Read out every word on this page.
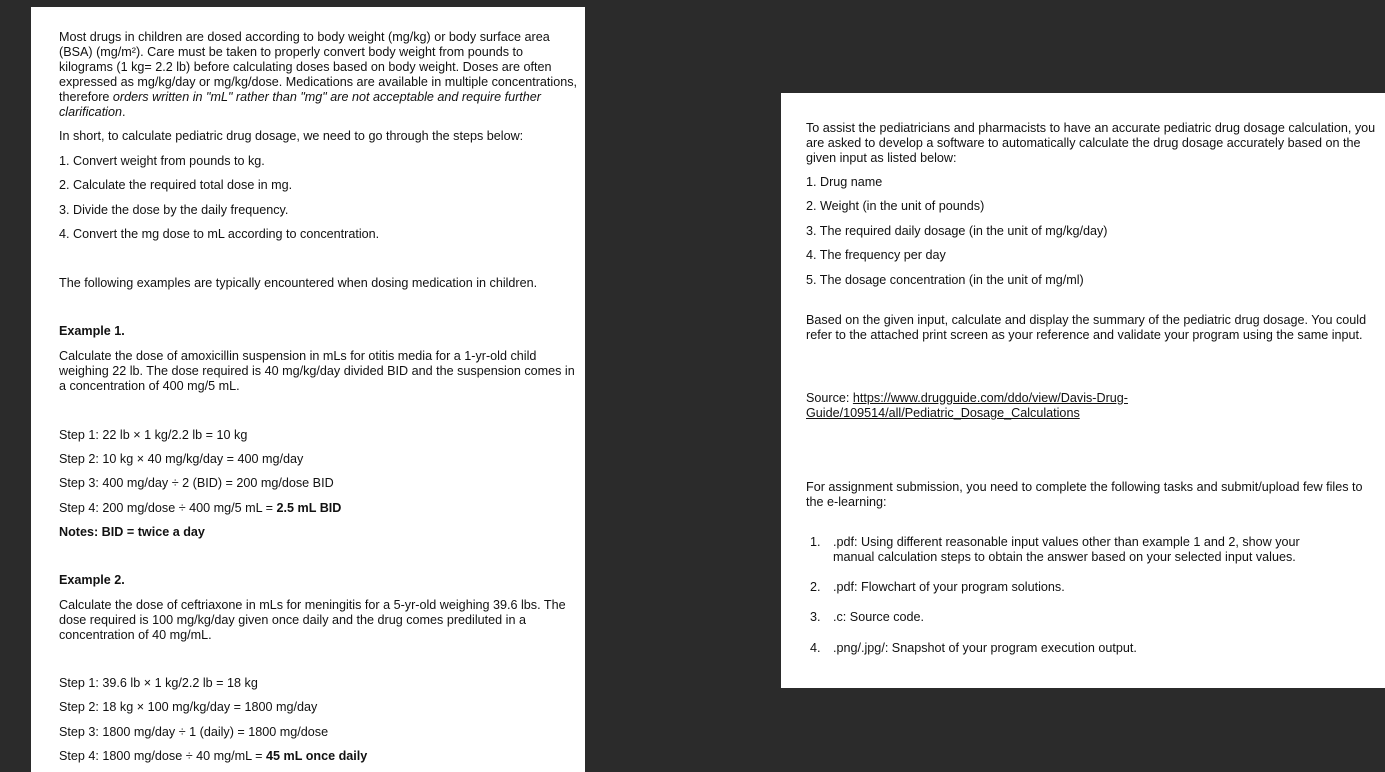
Most drugs in children are dosed according to body weight (mg/kg) or body surface area (BSA) (mg/m²). Care must be taken to properly convert body weight from pounds to kilograms (1 kg= 2.2 lb) before calculating doses based on body weight. Doses are often expressed as mg/kg/day or mg/kg/dose. Medications are available in multiple concentrations, therefore orders written in "mL" rather than "mg" are not acceptable and require further clarification.
In short, to calculate pediatric drug dosage, we need to go through the steps below:
1. Convert weight from pounds to kg.
2. Calculate the required total dose in mg.
3. Divide the dose by the daily frequency.
4. Convert the mg dose to mL according to concentration.
The following examples are typically encountered when dosing medication in children.
Example 1.
Calculate the dose of amoxicillin suspension in mLs for otitis media for a 1-yr-old child weighing 22 lb. The dose required is 40 mg/kg/day divided BID and the suspension comes in a concentration of 400 mg/5 mL.
Step 1: 22 lb × 1 kg/2.2 lb = 10 kg
Step 2: 10 kg × 40 mg/kg/day = 400 mg/day
Step 3: 400 mg/day ÷ 2 (BID) = 200 mg/dose BID
Step 4: 200 mg/dose ÷ 400 mg/5 mL = 2.5 mL BID
Notes: BID = twice a day
Example 2.
Calculate the dose of ceftriaxone in mLs for meningitis for a 5-yr-old weighing 39.6 lbs. The dose required is 100 mg/kg/day given once daily and the drug comes prediluted in a concentration of 40 mg/mL.
Step 1: 39.6 lb × 1 kg/2.2 lb = 18 kg
Step 2: 18 kg × 100 mg/kg/day = 1800 mg/day
Step 3: 1800 mg/day ÷ 1 (daily) = 1800 mg/dose
Step 4: 1800 mg/dose ÷ 40 mg/mL = 45 mL once daily
To assist the pediatricians and pharmacists to have an accurate pediatric drug dosage calculation, you are asked to develop a software to automatically calculate the drug dosage accurately based on the given input as listed below:
1. Drug name
2. Weight (in the unit of pounds)
3. The required daily dosage (in the unit of mg/kg/day)
4. The frequency per day
5. The dosage concentration (in the unit of mg/ml)
Based on the given input, calculate and display the summary of the pediatric drug dosage. You could refer to the attached print screen as your reference and validate your program using the same input.
Source: https://www.drugguide.com/ddo/view/Davis-Drug-Guide/109514/all/Pediatric_Dosage_Calculations
For assignment submission, you need to complete the following tasks and submit/upload few files to the e-learning:
1. .pdf: Using different reasonable input values other than example 1 and 2, show your manual calculation steps to obtain the answer based on your selected input values.
2. .pdf: Flowchart of your program solutions.
3. .c: Source code.
4. .png/.jpg/: Snapshot of your program execution output.
